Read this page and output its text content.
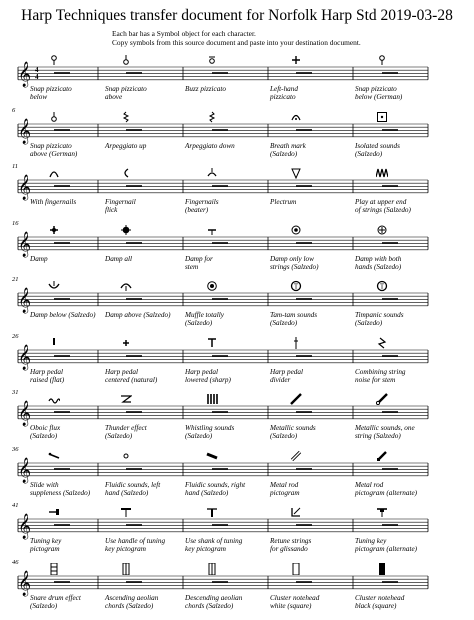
Harp Techniques transfer document for Norfolk Harp Std 2019-03-28
Each bar has a Symbol object for each character.
Copy symbols from this source document and paste into your destination document.
𝄞 4
4
Snap pizzicato
below
Snap pizzicato
above
Buzz pizzicato	Left-hand
pizzicato
Snap pizzicato
below (German)
6
𝄞
Snap pizzicato
above (German)
Arpeggiato up	Arpeggiato down	Breath mark
(Salzedo)
Isolated sounds
(Salzedo)
11
𝄞
With fingernails	Fingernail
flick
Fingernails
(beater)
Plectrum	Play at upper end
of strings (Salzedo)
16
𝄞
Damp	Damp all	Damp for
stem
Damp only low
strings (Salzedo)
Damp with both
hands (Salzedo)
21
𝄞
T	T
Damp below (Salzedo)	Damp above (Salzedo)	Muffle totally
(Salzedo)
Tam-tam sounds
(Salzedo)
Timpanic sounds
(Salzedo)
26
𝄞
Harp pedal
raised (flat)
Harp pedal
centered (natural)
Harp pedal
lowered (sharp)
Harp pedal
divider
Combining string
noise for stem
31
𝄞
Oboic flux
(Salzedo)
Thunder effect
(Salzedo)
Whistling sounds
(Salzedo)
Metallic sounds
(Salzedo)
Metallic sounds, one
string (Salzedo)
36
𝄞
Slide with
suppleness (Salzedo)
Fluidic sounds, left
hand (Salzedo)
Fluidic sounds, right
hand (Salzedo)
Metal rod
pictogram
Metal rod
pictogram (alternate)
41
𝄞
Tuning key
pictogram
Use handle of tuning
key pictogram
Use shank of tuning
key pictogram
Retune strings
for glissando
Tuning key
pictogram (alternate)
46
𝄞
Snare drum effect
(Salzedo)
Ascending aeolian
chords (Salzedo)
Descending aeolian
chords (Salzedo)
Cluster notehead
white (square)
Cluster notehead
black (square)
